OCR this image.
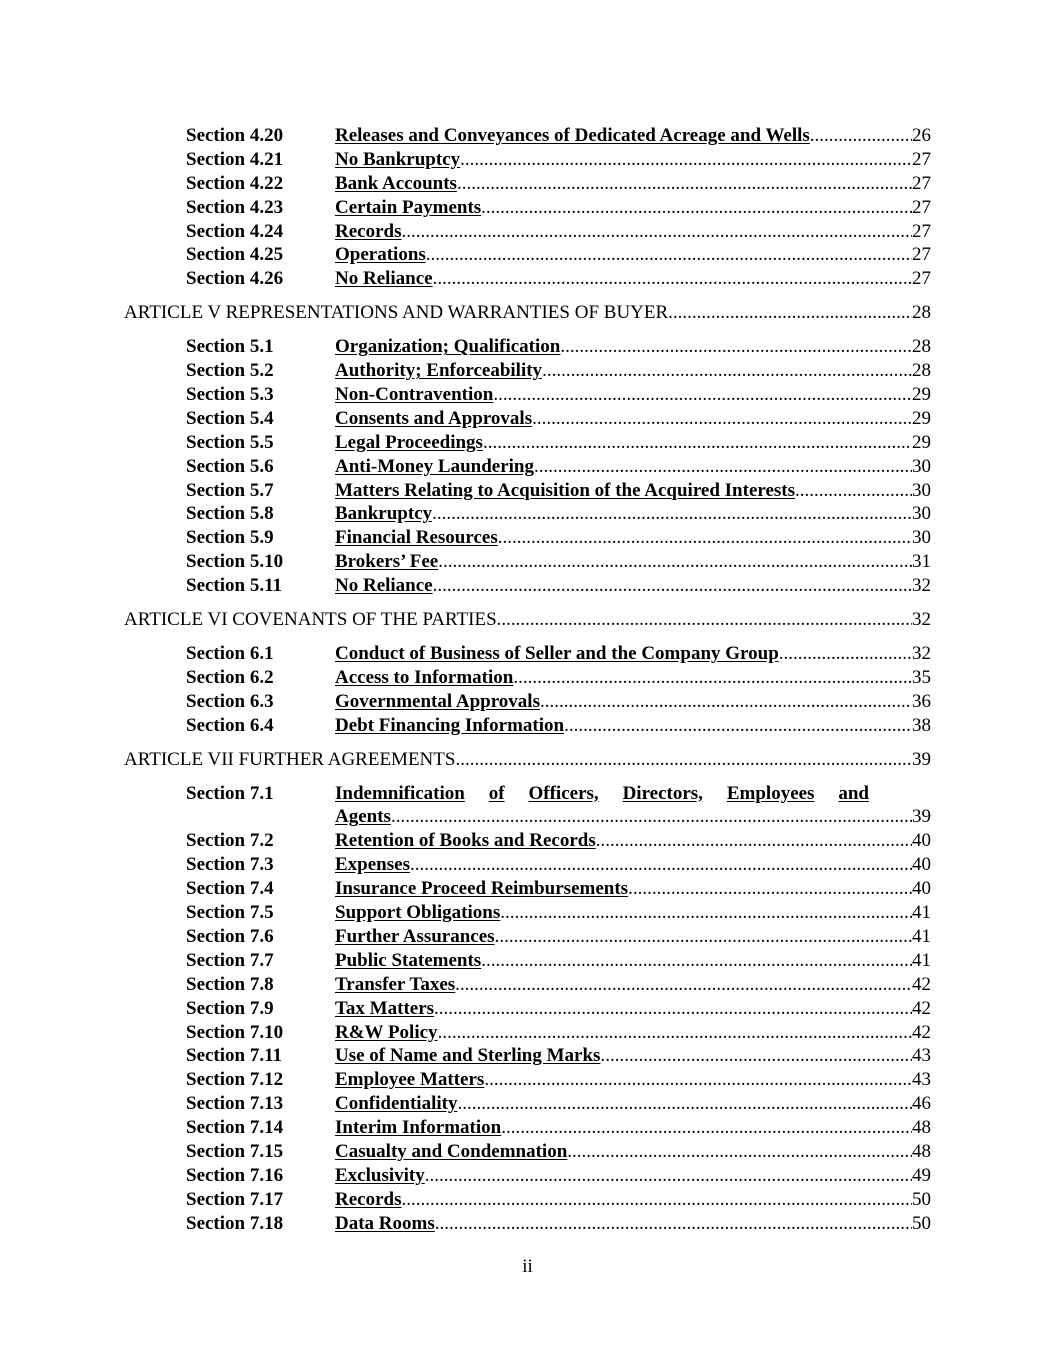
Section 4.20	Releases and Conveyances of Dedicated Acreage and Wells .....	26
Section 4.21	No Bankruptcy .....	27
Section 4.22	Bank Accounts .....	27
Section 4.23	Certain Payments .....	27
Section 4.24	Records .....	27
Section 4.25	Operations .....	27
Section 4.26	No Reliance .....	27
ARTICLE V REPRESENTATIONS AND WARRANTIES OF BUYER .....	28
Section 5.1	Organization; Qualification .....	28
Section 5.2	Authority; Enforceability . .....	28
Section 5.3	Non-Contravention .....	29
Section 5.4	Consents and Approvals .....	29
Section 5.5	Legal Proceedings .....	29
Section 5.6	Anti-Money Laundering .....	30
Section 5.7	Matters Relating to Acquisition of the Acquired Interests . .....	30
Section 5.8	Bankruptcy .....	30
Section 5.9	Financial Resources .....	30
Section 5.10	Brokers’ Fee .....	31
Section 5.11	No Reliance .....	32
ARTICLE VI COVENANTS OF THE PARTIES .....	32
Section 6.1	Conduct of Business of Seller and the Company Group . .....	32
Section 6.2	Access to Information . .....	35
Section 6.3	Governmental Approvals . .....	36
Section 6.4	Debt Financing Information . .....	38
ARTICLE VII FURTHER AGREEMENTS .....	39
Section 7.1	Indemnification of Officers, Directors, Employees and
Agents . .....	39
Section 7.2	Retention of Books and Records .....	40
Section 7.3	Expenses .....	40
Section 7.4	Insurance Proceed Reimbursements .....	40
Section 7.5	Support Obligations .....	41
Section 7.6	Further Assurances .....	41
Section 7.7	Public Statements .....	41
Section 7.8	Transfer Taxes .....	42
Section 7.9	Tax Matters .....	42
Section 7.10	R&W Policy .....	42
Section 7.11	Use of Name and Sterling Marks .....	43
Section 7.12	Employee Matters . .....	43
Section 7.13	Confidentiality .....	46
Section 7.14	Interim Information .....	48
Section 7.15	Casualty and Condemnation . .....	48
Section 7.16	Exclusivity .....	49
Section 7.17	Records .....	50
Section 7.18	Data Rooms .....	50
ii
